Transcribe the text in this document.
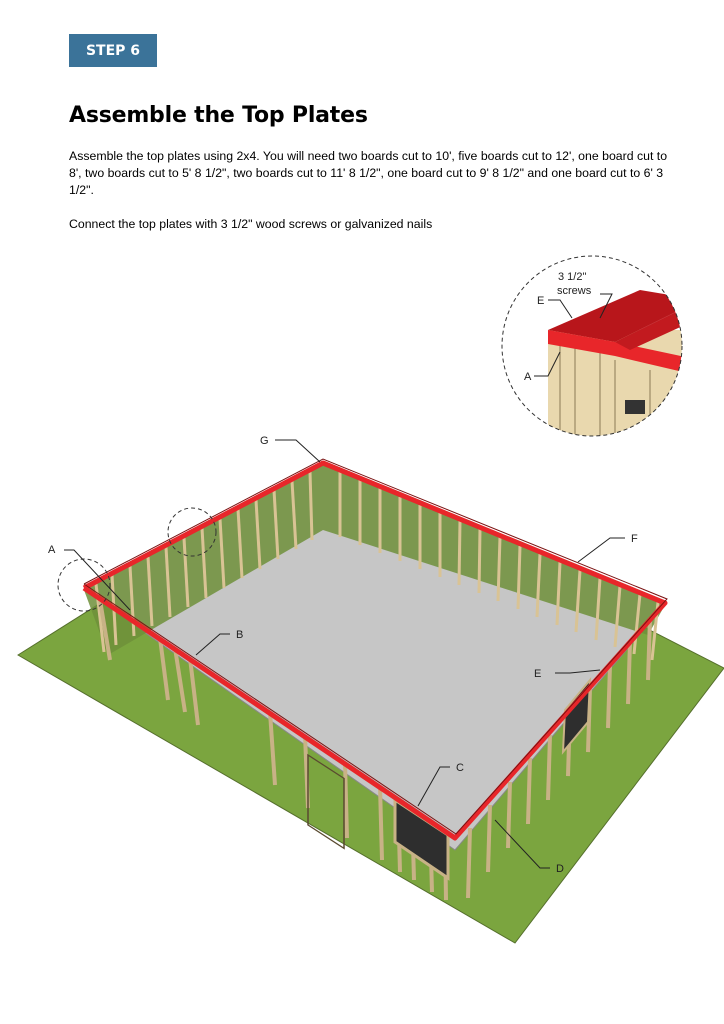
STEP 6
Assemble the Top Plates

Assemble the top plates using 2x4. You will need two boards cut to 10', five boards cut to 12', one board cut to 8', two boards cut to 5' 8 1/2", two boards cut to 11' 8 1/2", one board cut to 9' 8 1/2" and one board cut to 6' 3 1/2".

Connect the top plates with 3 1/2" wood screws or galvanized nails

G
A
B
F
E
C
D
3 1/2"
screws
E
A
